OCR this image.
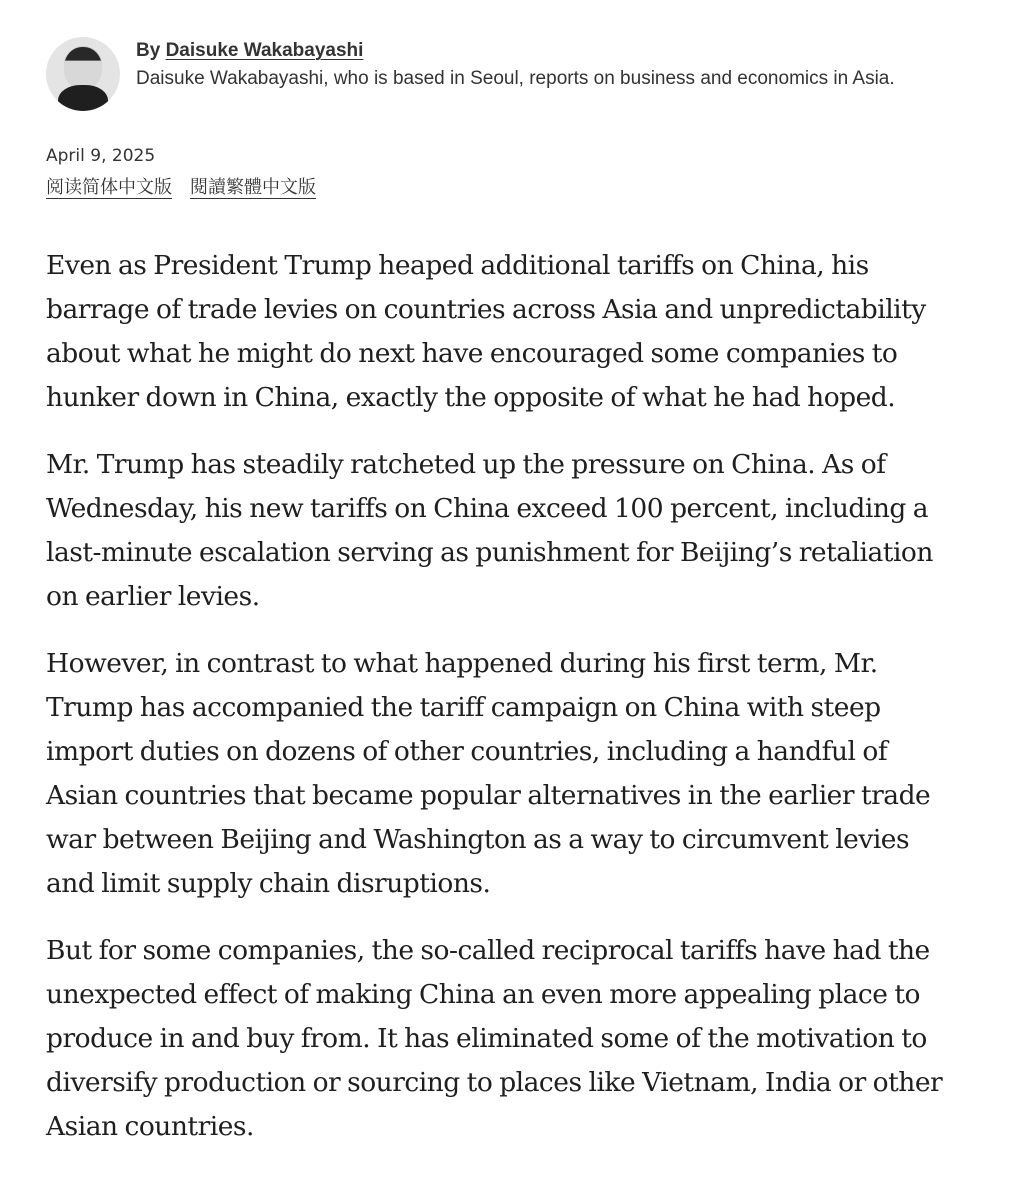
By Daisuke Wakabayashi
Daisuke Wakabayashi, who is based in Seoul, reports on business and economics in Asia.
April 9, 2025
阅读简体中文版 閱讀繁體中文版

Even as President Trump heaped additional tariffs on China, his barrage of trade levies on countries across Asia and unpredictability about what he might do next have encouraged some companies to hunker down in China, exactly the opposite of what he had hoped.

Mr. Trump has steadily ratcheted up the pressure on China. As of Wednesday, his new tariffs on China exceed 100 percent, including a last-minute escalation serving as punishment for Beijing’s retaliation on earlier levies.

However, in contrast to what happened during his first term, Mr. Trump has accompanied the tariff campaign on China with steep import duties on dozens of other countries, including a handful of Asian countries that became popular alternatives in the earlier trade war between Beijing and Washington as a way to circumvent levies and limit supply chain disruptions.

But for some companies, the so-called reciprocal tariffs have had the unexpected effect of making China an even more appealing place to produce in and buy from. It has eliminated some of the motivation to diversify production or sourcing to places like Vietnam, India or other Asian countries.
